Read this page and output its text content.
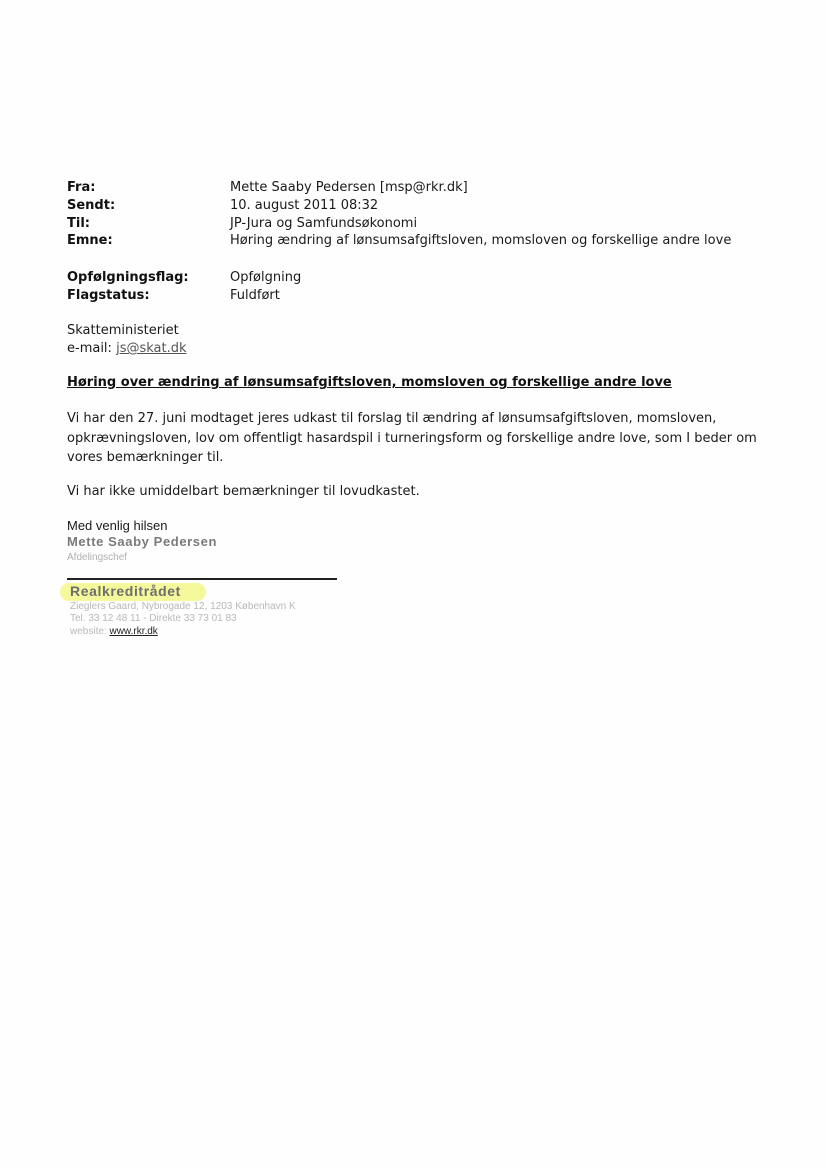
Fra:	Mette Saaby Pedersen [msp@rkr.dk]
Sendt:	10. august 2011 08:32
Til:	JP-Jura og Samfundsøkonomi
Emne:	Høring ændring af lønsumsafgiftsloven, momsloven og forskellige andre love
Opfølgningsflag:	Opfølgning
Flagstatus:	Fuldført
Skatteministeriet
e-mail: js@skat.dk
Høring over ændring af lønsumsafgiftsloven, momsloven og forskellige andre love
Vi har den 27. juni modtaget jeres udkast til forslag til ændring af lønsumsafgiftsloven, momsloven, opkrævningsloven, lov om offentligt hasardspil i turneringsform og forskellige andre love, som I beder om vores bemærkninger til.
Vi har ikke umiddelbart bemærkninger til lovudkastet.
Med venlig hilsen
Mette Saaby Pedersen
Afdelingschef
Realkreditrådet
Zieglers Gaard, Nybrogade 12, 1203 København K
Tel. 33 12 48 11 - Direkte 33 73 01 83
website: www.rkr.dk
